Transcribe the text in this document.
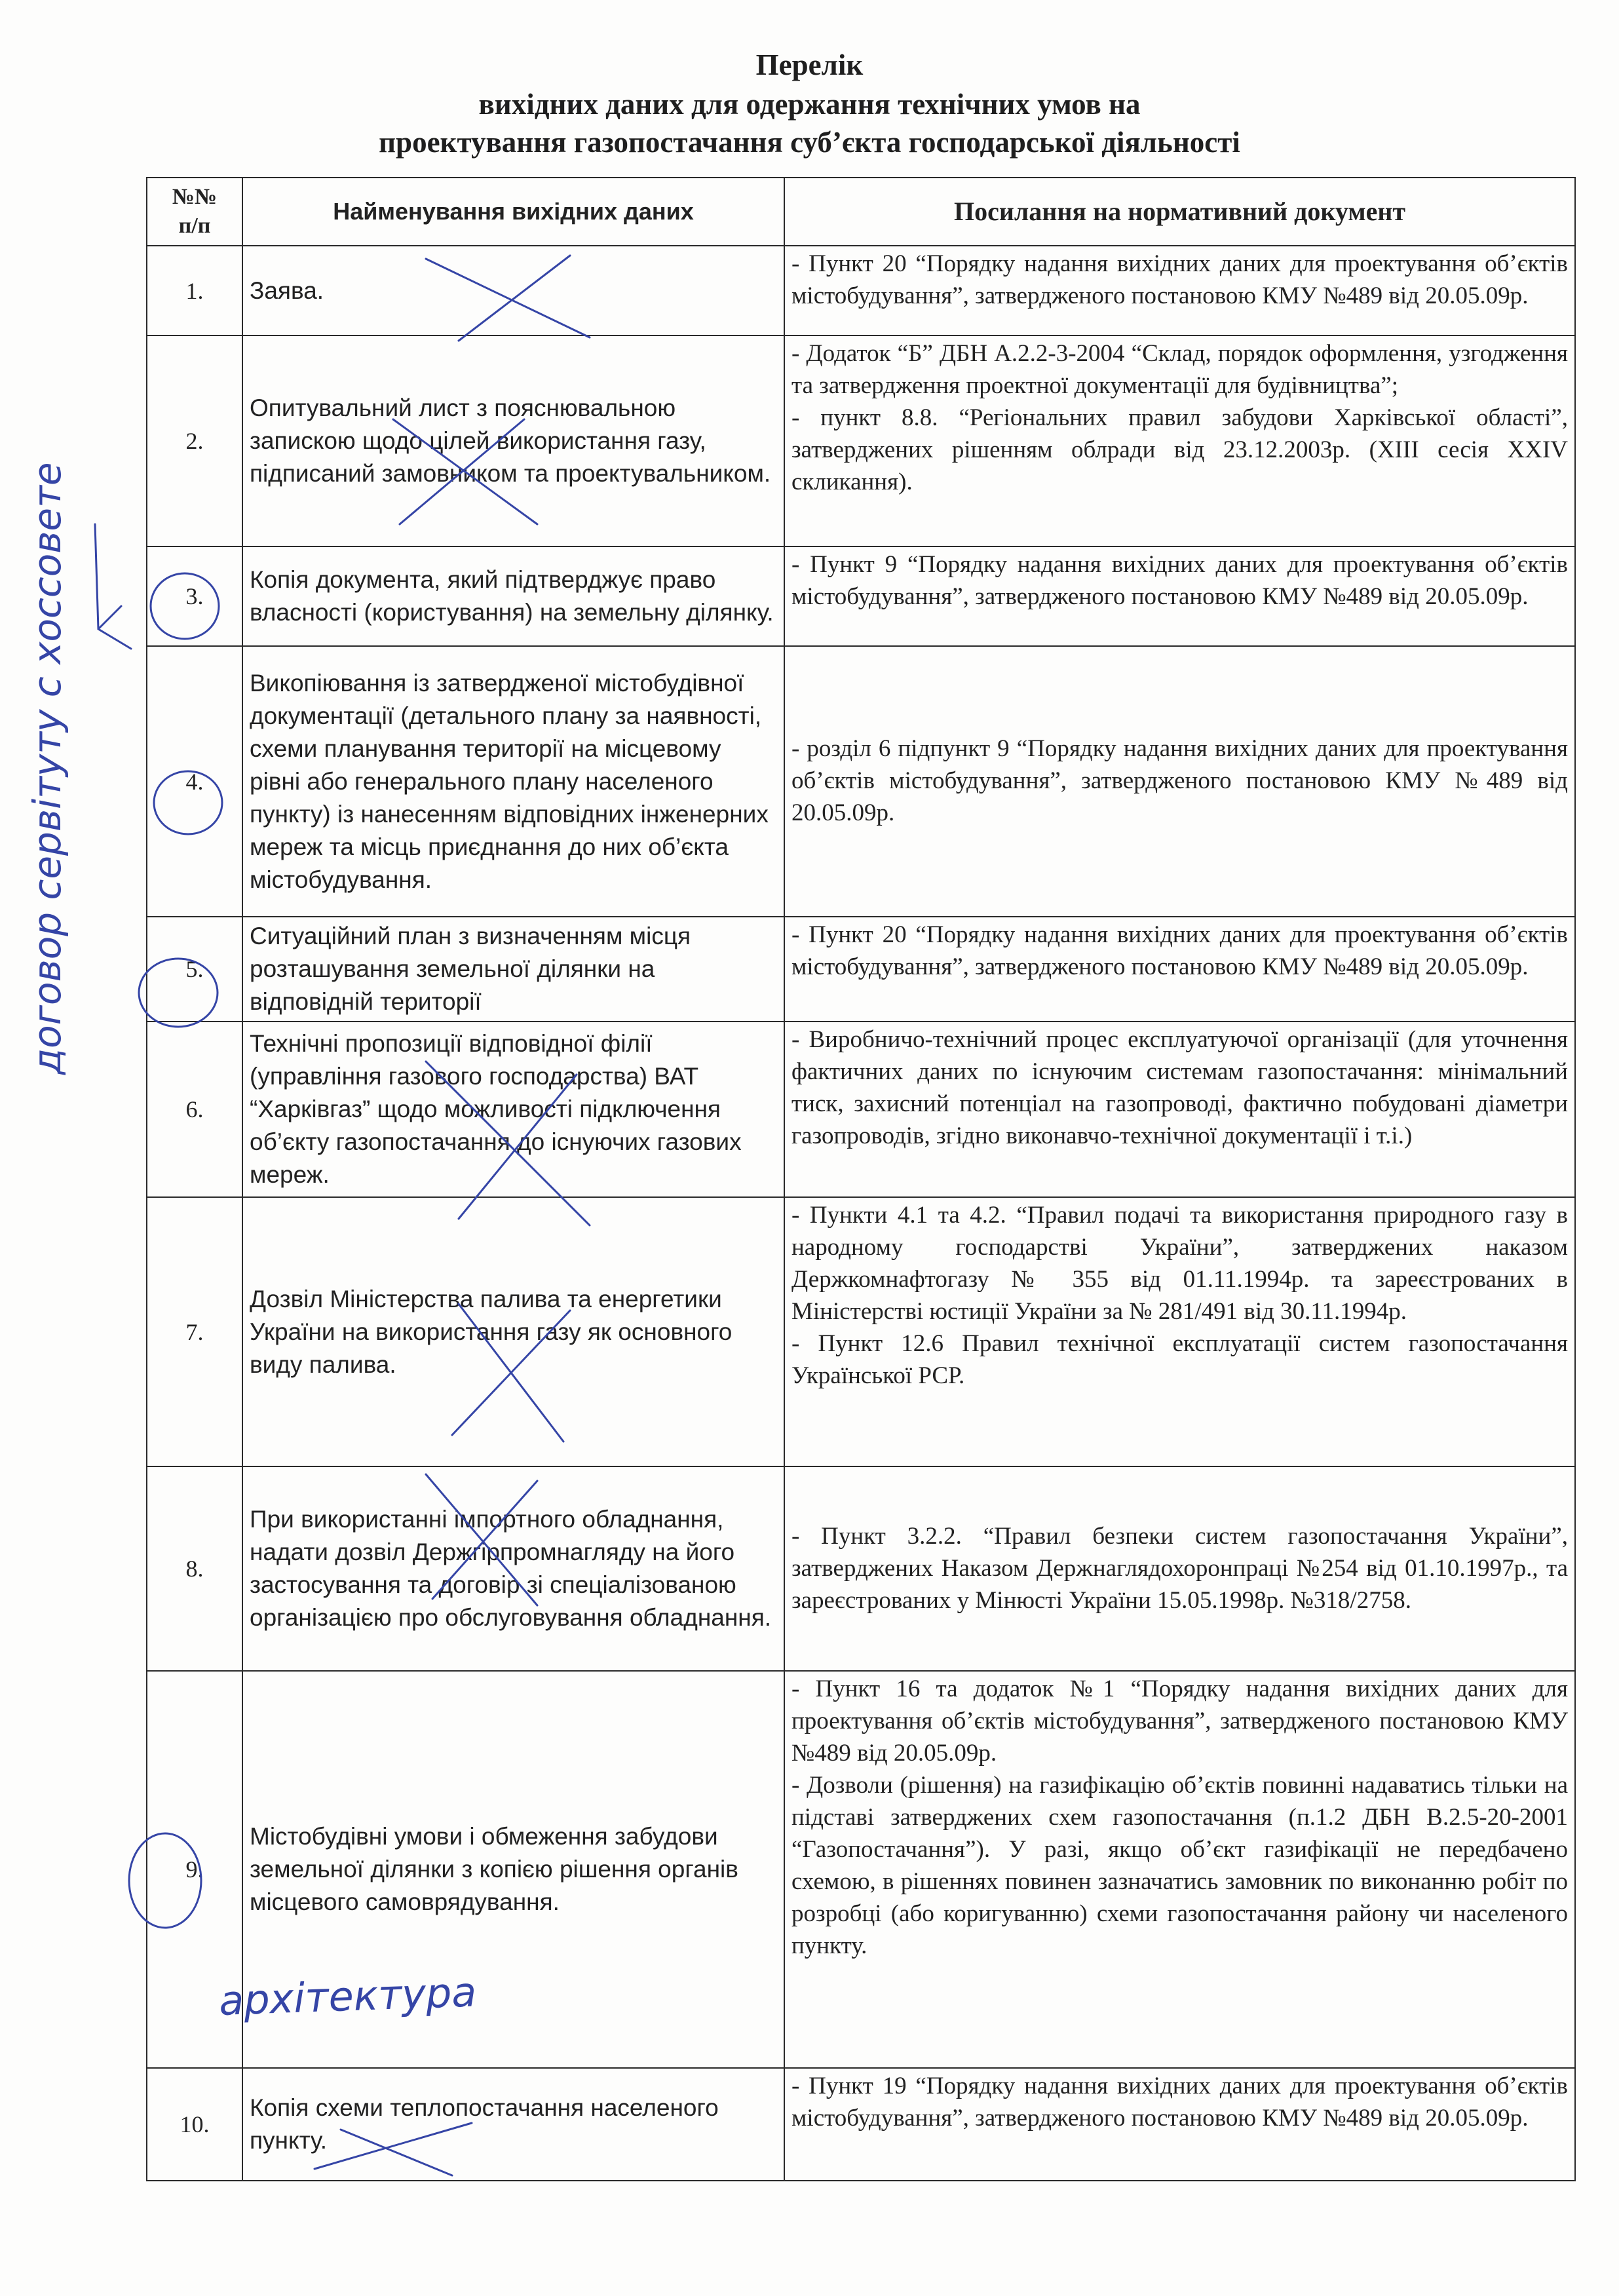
Перелік
вихідних даних для одержання технічних умов на
проектування газопостачання суб’єкта господарської діяльності
№№
п/п	Найменування вихідних даних	Посилання на нормативний документ
1.	Заява.	- Пункт 20 “Порядку надання вихідних даних для проектування об’єктів містобудування”, затвердженого постановою КМУ №489 від 20.05.09р.

2.	Опитувальний лист з пояснювальною запискою щодо цілей використання газу, підписаний замовником та проектувальником.	- Додаток “Б” ДБН А.2.2-3-2004 “Склад, порядок оформлення, узгодження та затвердження проектної документації для будівництва”;
- пункт 8.8. “Регіональних правил забудови Харківської області”, затверджених рішенням облради від 23.12.2003р. (XIII сесія XXIV скликання).

3.	Копія документа, який підтверджує право власності (користування) на земельну ділянку.	- Пункт 9 “Порядку надання вихідних даних для проектування об’єктів містобудування”, затвердженого постановою КМУ №489 від 20.05.09р.

4.	Викопіювання із затвердженої містобудівної документації (детального плану за наявності, схеми планування території на місцевому рівні або генерального плану населеного пункту) із нанесенням відповідних інженерних мереж та місць приєднання до них об’єкта містобудування.	- розділ 6 підпункт 9 “Порядку надання вихідних даних для проектування об’єктів містобудування”, затвердженого постановою КМУ №489 від 20.05.09р.

5.	Ситуаційний план з визначенням місця розташування земельної ділянки на відповідній території	- Пункт 20 “Порядку надання вихідних даних для проектування об’єктів містобудування”, затвердженого постановою КМУ №489 від 20.05.09р.

6.	Технічні пропозиції відповідної філії (управління газового господарства) ВАТ “Харківгаз” щодо можливості підключення об’єкту газопостачання до існуючих газових мереж.	- Виробничо-технічний процес експлуатуючої організації (для уточнення фактичних даних по існуючим системам газопостачання: мінімальний тиск, захисний потенціал на газопроводі, фактично побудовані діаметри газопроводів, згідно виконавчо-технічної документації і т.і.)

7.	Дозвіл Міністерства палива та енергетики України на використання газу як основного виду палива.	- Пункти 4.1 та 4.2. “Правил подачі та використання природного газу в народному господарстві України”, затверджених наказом Держкомнафтогазу № 355 від 01.11.1994р. та зареєстрованих в Міністерстві юстиції України за № 281/491 від 30.11.1994р.
- Пункт 12.6 Правил технічної експлуатації систем газопостачання Української РСР.

8.	При використанні імпортного обладнання, надати дозвіл Держгірпромнагляду на його застосування та договір зі спеціалізованою організацією про обслуговування обладнання.	- Пункт 3.2.2. “Правил безпеки систем газопостачання України”, затверджених Наказом Держнаглядохоронпраці №254 від 01.10.1997р., та зареєстрованих у Мінюсті України 15.05.1998р. №318/2758.

9.	Містобудівні умови і обмеження забудови земельної ділянки з копією рішення органів місцевого самоврядування.	- Пункт 16 та додаток №1 “Порядку надання вихідних даних для проектування об’єктів містобудування”, затвердженого постановою КМУ №489 від 20.05.09р.
- Дозволи (рішення) на газифікацію об’єктів повинні надаватись тільки на підставі затверджених схем газопостачання (п.1.2 ДБН В.2.5-20-2001 “Газопостачання”). У разі, якщо об’єкт газифікації не передбачено схемою, в рішеннях повинен зазначатись замовник по виконанню робіт по розробці (або коригуванню) схеми газопостачання району чи населеного пункту.

10.	Копія схеми теплопостачання населеного пункту.	- Пункт 19 “Порядку надання вихідних даних для проектування об’єктів містобудування”, затвердженого постановою КМУ №489 від 20.05.09р.
договор сервітуту с хоссовете
архітектура
